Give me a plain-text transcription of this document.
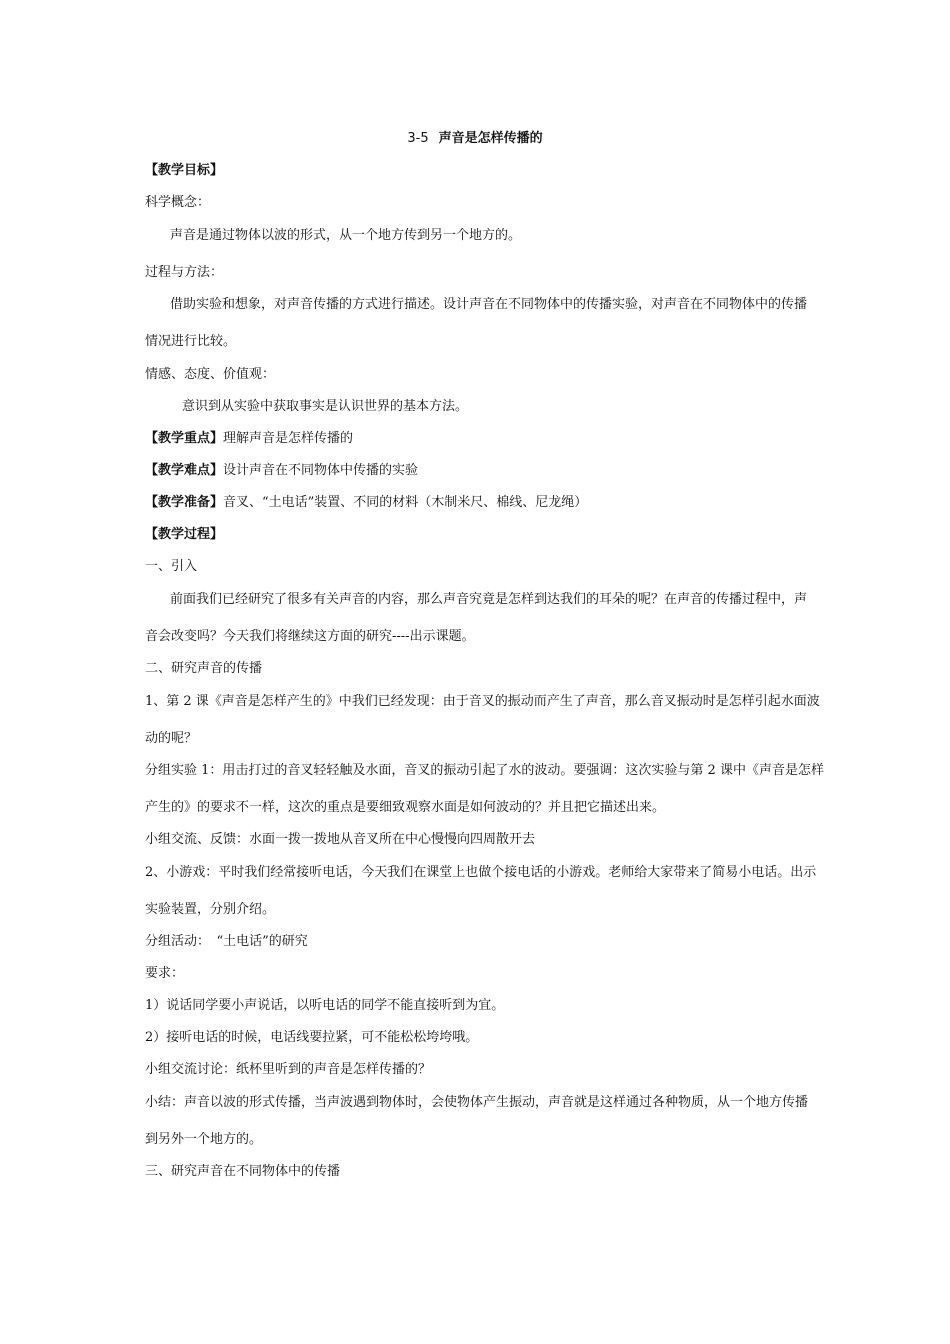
3-5 声音是怎样传播的
【教学目标】
科学概念：
声音是通过物体以波的形式，从一个地方传到另一个地方的。
过程与方法：
借助实验和想象，对声音传播的方式进行描述。设计声音在不同物体中的传播实验，对声音在不同物体中的传播
情况进行比较。
情感、态度、价值观：
意识到从实验中获取事实是认识世界的基本方法。
【教学重点】理解声音是怎样传播的
【教学难点】设计声音在不同物体中传播的实验
【教学准备】音叉、“土电话”装置、不同的材料（木制米尺、棉线、尼龙绳）
【教学过程】
一、引入
前面我们已经研究了很多有关声音的内容，那么声音究竟是怎样到达我们的耳朵的呢？在声音的传播过程中，声
音会改变吗？今天我们将继续这方面的研究----出示课题。
二、研究声音的传播
1、第 2 课《声音是怎样产生的》中我们已经发现：由于音叉的振动而产生了声音，那么音叉振动时是怎样引起水面波
动的呢？
分组实验 1：用击打过的音叉轻轻触及水面，音叉的振动引起了水的波动。要强调：这次实验与第 2 课中《声音是怎样
产生的》的要求不一样，这次的重点是要细致观察水面是如何波动的？并且把它描述出来。
小组交流、反馈：水面一拨一拨地从音叉所在中心慢慢向四周散开去
2、小游戏：平时我们经常接听电话，今天我们在课堂上也做个接电话的小游戏。老师给大家带来了简易小电话。出示
实验装置，分别介绍。
分组活动：　“土电话”的研究
要求：
1）说话同学要小声说话，以听电话的同学不能直接听到为宜。
2）接听电话的时候，电话线要拉紧，可不能松松垮垮哦。
小组交流讨论：纸杯里听到的声音是怎样传播的？
小结：声音以波的形式传播，当声波遇到物体时，会使物体产生振动，声音就是这样通过各种物质，从一个地方传播
到另外一个地方的。
三、研究声音在不同物体中的传播
